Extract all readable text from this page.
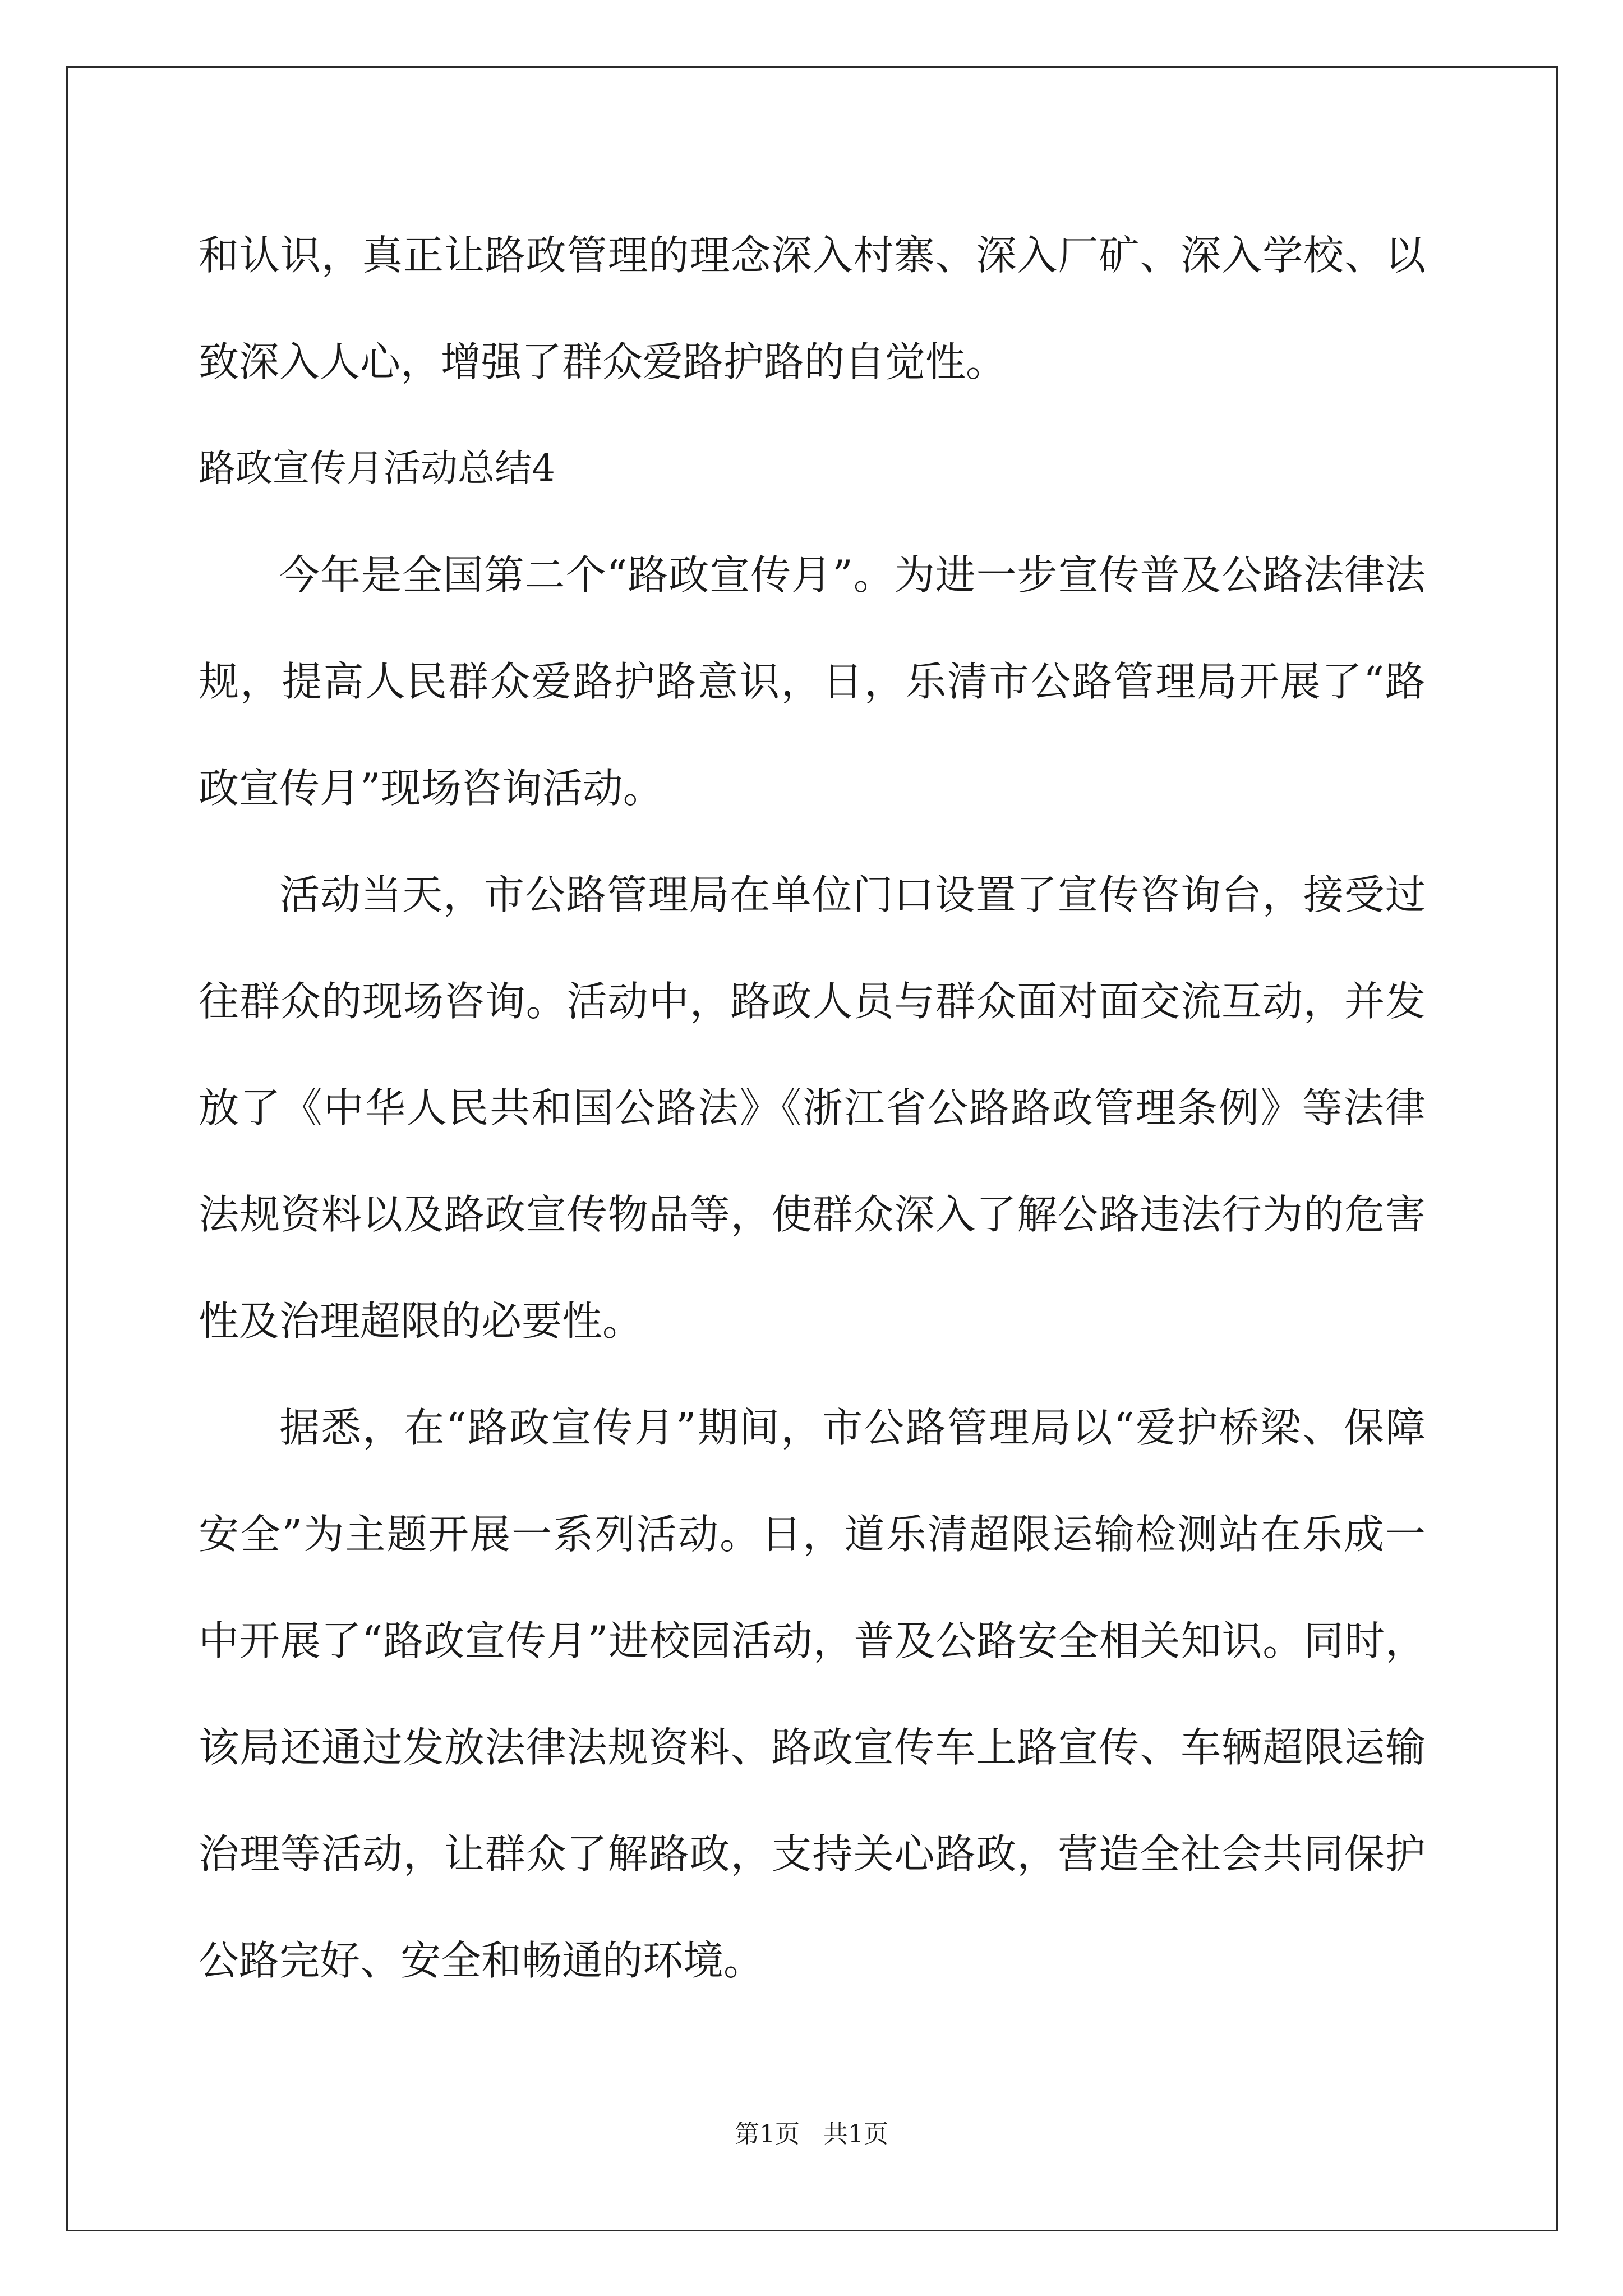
和认识，真正让路政管理的理念深入村寨、深入厂矿、深入学校、以致深入人心，增强了群众爱路护路的自觉性。

路政宣传月活动总结4

今年是全国第二个“路政宣传月”。为进一步宣传普及公路法律法规，提高人民群众爱路护路意识，日，乐清市公路管理局开展了“路政宣传月”现场咨询活动。

活动当天，市公路管理局在单位门口设置了宣传咨询台，接受过往群众的现场咨询。活动中，路政人员与群众面对面交流互动，并发放了《中华人民共和国公路法》《浙江省公路路政管理条例》等法律法规资料以及路政宣传物品等，使群众深入了解公路违法行为的危害性及治理超限的必要性。

据悉，在“路政宣传月”期间，市公路管理局以“爱护桥梁、保障安全”为主题开展一系列活动。日，道乐清超限运输检测站在乐成一中开展了“路政宣传月”进校园活动，普及公路安全相关知识。同时，该局还通过发放法律法规资料、路政宣传车上路宣传、车辆超限运输治理等活动，让群众了解路政，支持关心路政，营造全社会共同保护公路完好、安全和畅通的环境。

第1页   共1页
